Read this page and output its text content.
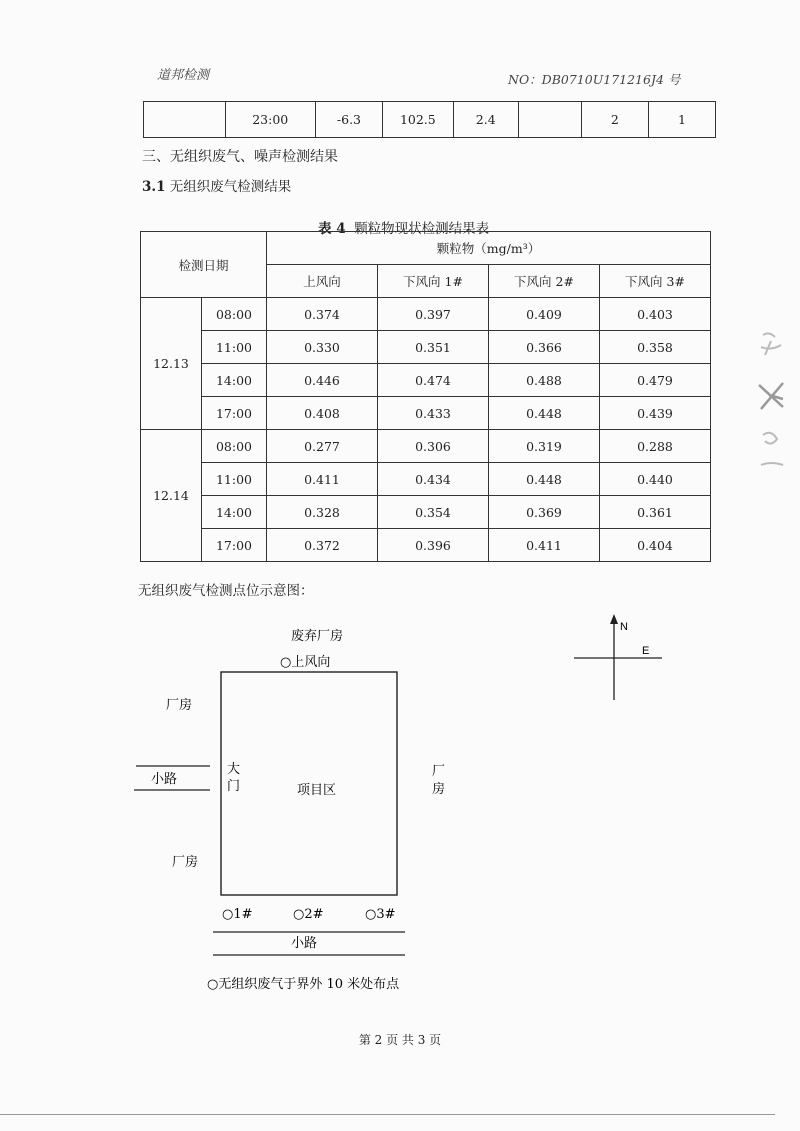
道邦检测	NO：DB0710U171216J4 号
	23:00	-6.3	102.5	2.4		2	1
三、无组织废气、噪声检测结果
3.1 无组织废气检测结果
表 4 颗粒物现状检测结果表
检测日期		颗粒物（mg/m³）			
		上风向	下风向 1#	下风向 2#	下风向 3#
12.13	08:00	0.374	0.397	0.409	0.403
	11:00	0.330	0.351	0.366	0.358
	14:00	0.446	0.474	0.488	0.479
	17:00	0.408	0.433	0.448	0.439
12.14	08:00	0.277	0.306	0.319	0.288
	11:00	0.411	0.434	0.448	0.440
	14:00	0.328	0.354	0.369	0.361
	17:00	0.372	0.396	0.411	0.404
无组织废气检测点位示意图：
N
E
废弃厂房
○上风向
厂房
小路
大
门	项目区
厂
房
厂房
○1#	○2#	○3#
小路
○无组织废气于界外 10 米处布点
第 2 页 共 3 页
